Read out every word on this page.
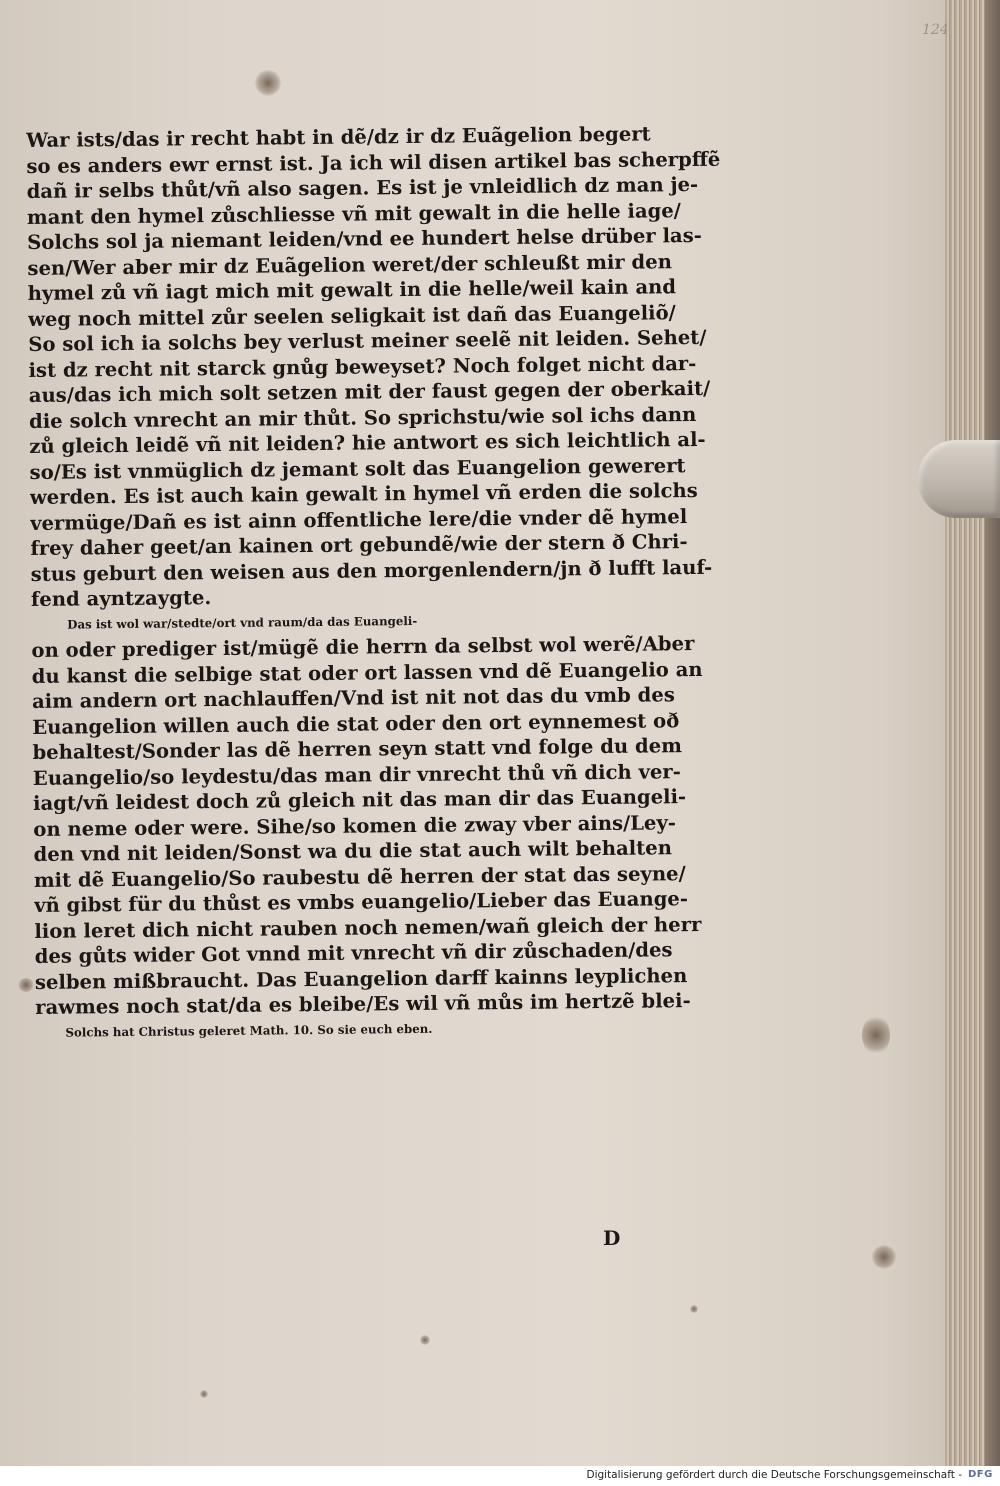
124
War ists/das ir recht habt in dẽ/dz ir dz Euãgelion begert
so es anders ewr ernst ist. Ja ich wil disen artikel bas scherpffẽ
dañ ir selbs thůt/vñ also sagen. Es ist je vnleidlich dz man je-
mant den hymel zůschliesse vñ mit gewalt in die helle iage/
Solchs sol ja niemant leiden/vnd ee hundert helse drüber las-
sen/Wer aber mir dz Euãgelion weret/der schleußt mir den
hymel zů vñ iagt mich mit gewalt in die helle/weil kain and
weg noch mittel zůr seelen seligkait ist dañ das Euangeliõ/
So sol ich ia solchs bey verlust meiner seelẽ nit leiden. Sehet/
ist dz recht nit starck gnůg beweyset? Noch folget nicht dar-
aus/das ich mich solt setzen mit der faust gegen der oberkait/
die solch vnrecht an mir thůt. So sprichstu/wie sol ichs dann
zů gleich leidẽ vñ nit leiden? hie antwort es sich leichtlich al-
so/Es ist vnmüglich dz jemant solt das Euangelion gewerert
werden. Es ist auch kain gewalt in hymel vñ erden die solchs
vermüge/Dañ es ist ainn offentliche lere/die vnder dẽ hymel
frey daher geet/an kainen ort gebundẽ/wie der stern ð Chri-
stus geburt den weisen aus den morgenlendern/jn ð lufft lauf-
fend ayntzaygte.
Das ist wol war/stedte/ort vnd raum/da das Euangeli-
on oder prediger ist/mügẽ die herrn da selbst wol werẽ/Aber
du kanst die selbige stat oder ort lassen vnd dẽ Euangelio an
aim andern ort nachlauffen/Vnd ist nit not das du vmb des
Euangelion willen auch die stat oder den ort eynnemest oð
behaltest/Sonder las dẽ herren seyn statt vnd folge du dem
Euangelio/so leydestu/das man dir vnrecht thů vñ dich ver-
iagt/vñ leidest doch zů gleich nit das man dir das Euangeli-
on neme oder were. Sihe/so komen die zway vber ains/Ley-
den vnd nit leiden/Sonst wa du die stat auch wilt behalten
mit dẽ Euangelio/So raubestu dẽ herren der stat das seyne/
vñ gibst für du thůst es vmbs euangelio/Lieber das Euange-
lion leret dich nicht rauben noch nemen/wañ gleich der herr
des gůts wider Got vnnd mit vnrecht vñ dir zůschaden/des
selben mißbraucht. Das Euangelion darff kainns leyplichen
rawmes noch stat/da es bleibe/Es wil vñ můs im hertzẽ blei-
Solchs hat Christus geleret Math. 10. So sie euch eben.
D
Digitalisierung gefördert durch die Deutsche Forschungsgemeinschaft - DFG
